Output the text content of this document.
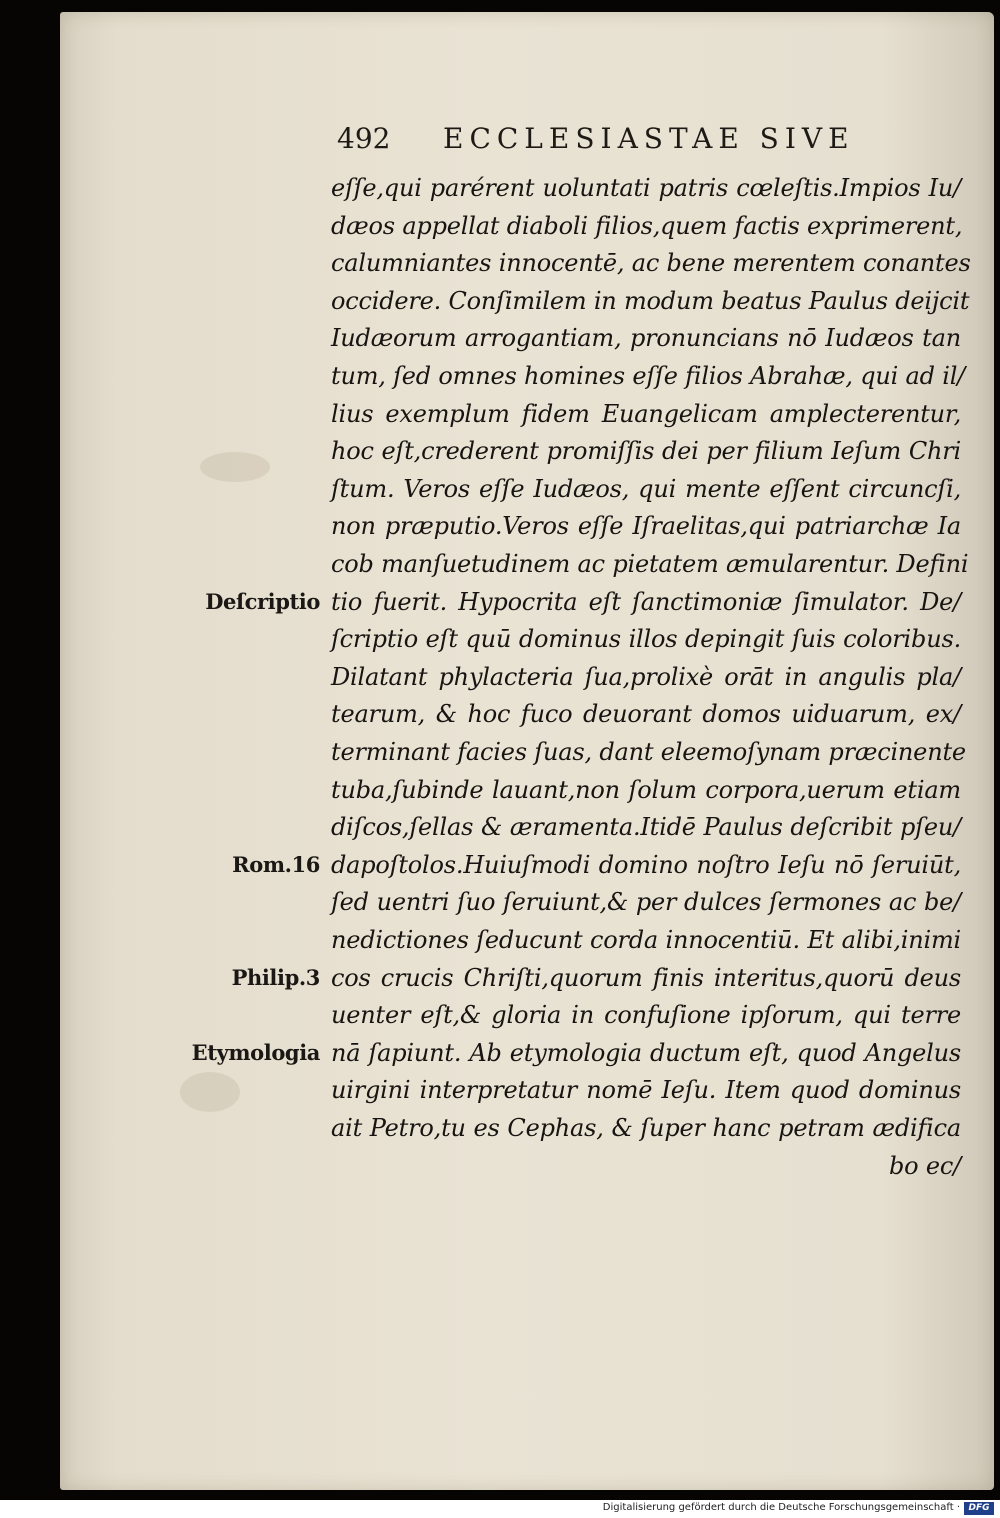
492 ECCLESIASTAE SIVE
eſſe,qui parérent uoluntati patris cœleſtis.Impios Iu/
dæos appellat diaboli filios,quem factis exprimerent,
calumniantes innocentē, ac bene merentem conantes
occidere. Conſimilem in modum beatus Paulus deijcit
Iudæorum arrogantiam, pronuncians nō Iudæos tan
tum, ſed omnes homines eſſe filios Abrahæ, qui ad il/
lius exemplum fidem Euangelicam amplecterentur,
hoc eſt,crederent promiſſis dei per filium Ieſum Chri
ſtum. Veros eſſe Iudæos, qui mente eſſent circuncſi,
non præputio.Veros eſſe Iſraelitas,qui patriarchæ Ia
cob manſuetudinem ac pietatem æmularentur. Defini
tio fuerit. Hypocrita eſt ſanctimoniæ ſimulator. De/
ſcriptio eſt quū dominus illos depingit ſuis coloribus.
Dilatant phylacteria ſua,prolixè orāt in angulis pla/
tearum, & hoc fuco deuorant domos uiduarum, ex/
terminant facies ſuas, dant eleemoſynam præcinente
tuba,ſubinde lauant,non ſolum corpora,uerum etiam
diſcos,ſellas & æramenta.Itidē Paulus deſcribit pſeu/
dapoſtolos.Huiuſmodi domino noſtro Ieſu nō ſeruiūt,
ſed uentri ſuo ſeruiunt,& per dulces ſermones ac be/
nedictiones ſeducunt corda innocentiū. Et alibi,inimi
cos crucis Chriſti,quorum finis interitus,quorū deus
uenter eſt,& gloria in confuſione ipſorum, qui terre
nā ſapiunt. Ab etymologia ductum eſt, quod Angelus
uirgini interpretatur nomē Ieſu. Item quod dominus
ait Petro,tu es Cephas, & ſuper hanc petram ædifica
bo ec/
Deſcriptio
Rom.16
Philip.3
Etymologia
Digitalisierung gefördert durch die Deutsche Forschungsgemeinschaft · DFG
